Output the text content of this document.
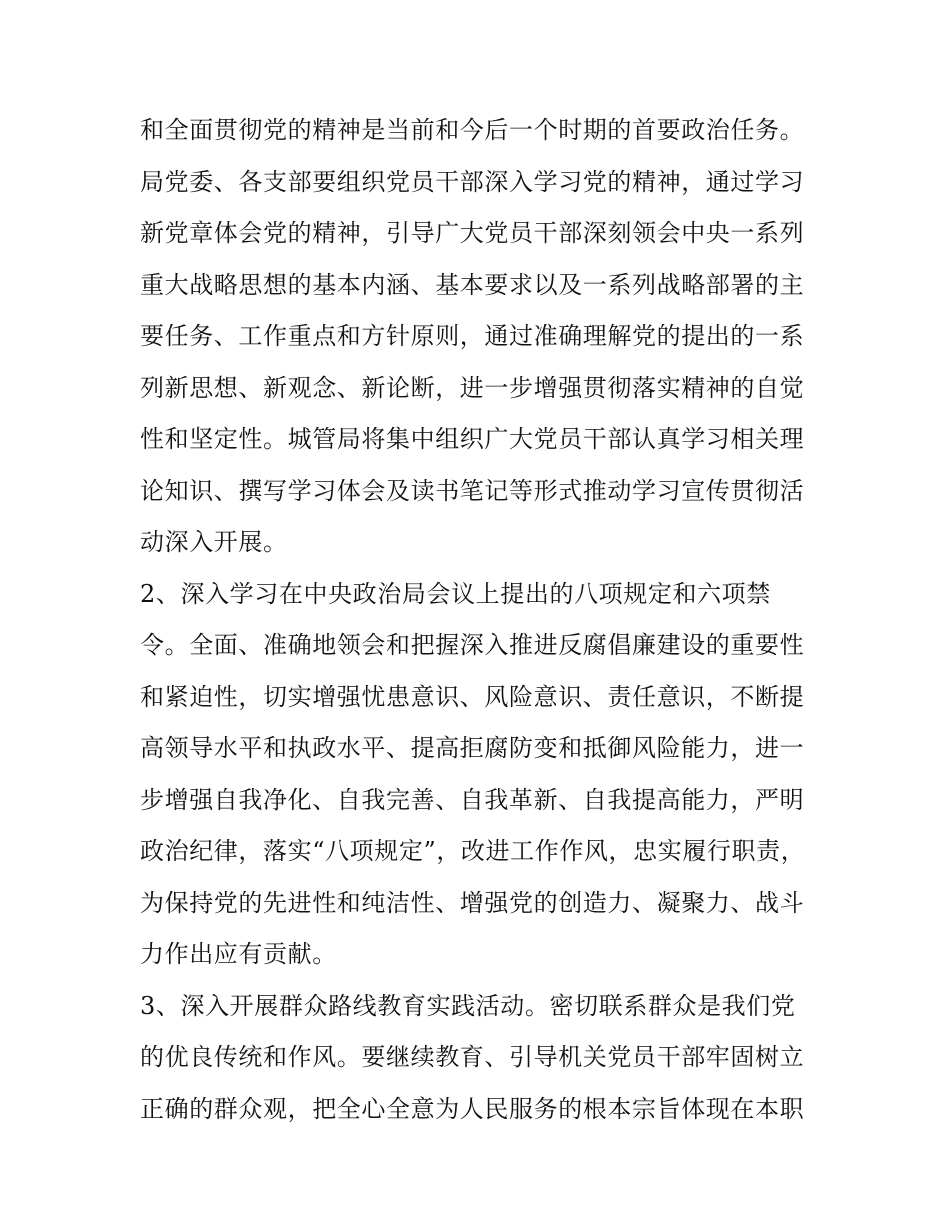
和全面贯彻党的精神是当前和今后一个时期的首要政治任务。
局党委、各支部要组织党员干部深入学习党的精神，通过学习
新党章体会党的精神，引导广大党员干部深刻领会中央一系列
重大战略思想的基本内涵、基本要求以及一系列战略部署的主
要任务、工作重点和方针原则，通过准确理解党的提出的一系
列新思想、新观念、新论断，进一步增强贯彻落实精神的自觉
性和坚定性。城管局将集中组织广大党员干部认真学习相关理
论知识、撰写学习体会及读书笔记等形式推动学习宣传贯彻活
动深入开展。
2、深入学习在中央政治局会议上提出的八项规定和六项禁
令。全面、准确地领会和把握深入推进反腐倡廉建设的重要性
和紧迫性，切实增强忧患意识、风险意识、责任意识，不断提
高领导水平和执政水平、提高拒腐防变和抵御风险能力，进一
步增强自我净化、自我完善、自我革新、自我提高能力，严明
政治纪律，落实“八项规定”，改进工作作风，忠实履行职责，
为保持党的先进性和纯洁性、增强党的创造力、凝聚力、战斗
力作出应有贡献。
3、深入开展群众路线教育实践活动。密切联系群众是我们党
的优良传统和作风。要继续教育、引导机关党员干部牢固树立
正确的群众观，把全心全意为人民服务的根本宗旨体现在本职
